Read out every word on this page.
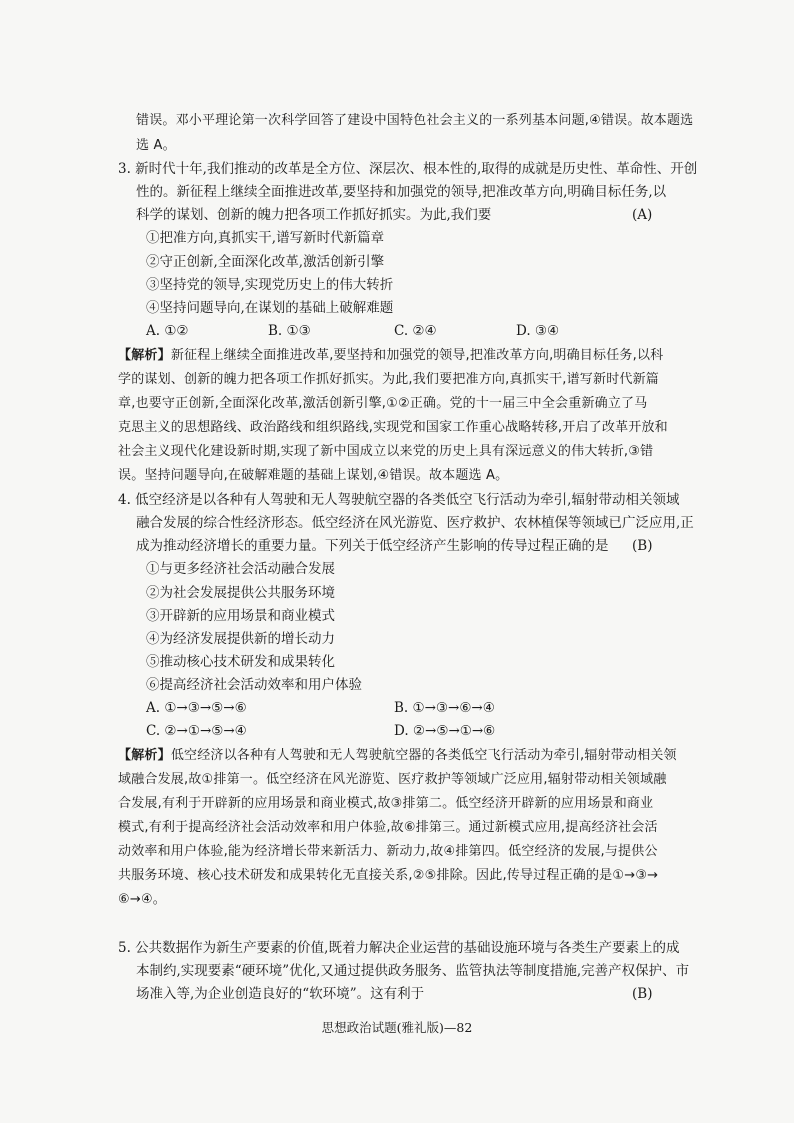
错误。邓小平理论第一次科学回答了建设中国特色社会主义的一系列基本问题,④错误。故本题选
选 A。
3. 新时代十年,我们推动的改革是全方位、深层次、根本性的,取得的成就是历史性、革命性、开创
性的。新征程上继续全面推进改革,要坚持和加强党的领导,把准改革方向,明确目标任务,以
科学的谋划、创新的魄力把各项工作抓好抓实。为此,我们要	(A)
①把准方向,真抓实干,谱写新时代新篇章
②守正创新,全面深化改革,激活创新引擎
③坚持党的领导,实现党历史上的伟大转折
④坚持问题导向,在谋划的基础上破解难题
A. ①②	B. ①③	C. ②④	D. ③④
【解析】新征程上继续全面推进改革,要坚持和加强党的领导,把准改革方向,明确目标任务,以科
学的谋划、创新的魄力把各项工作抓好抓实。为此,我们要把准方向,真抓实干,谱写新时代新篇
章,也要守正创新,全面深化改革,激活创新引擎,①②正确。党的十一届三中全会重新确立了马
克思主义的思想路线、政治路线和组织路线,实现党和国家工作重心战略转移,开启了改革开放和
社会主义现代化建设新时期,实现了新中国成立以来党的历史上具有深远意义的伟大转折,③错
误。坚持问题导向,在破解难题的基础上谋划,④错误。故本题选 A。
4. 低空经济是以各种有人驾驶和无人驾驶航空器的各类低空飞行活动为牵引,辐射带动相关领域
融合发展的综合性经济形态。低空经济在风光游览、医疗救护、农林植保等领域已广泛应用,正
成为推动经济增长的重要力量。下列关于低空经济产生影响的传导过程正确的是 (B)
①与更多经济社会活动融合发展
②为社会发展提供公共服务环境
③开辟新的应用场景和商业模式
④为经济发展提供新的增长动力
⑤推动核心技术研发和成果转化
⑥提高经济社会活动效率和用户体验
A. ①→③→⑤→⑥	B. ①→③→⑥→④
C. ②→①→⑤→④	D. ②→⑤→①→⑥
【解析】低空经济以各种有人驾驶和无人驾驶航空器的各类低空飞行活动为牵引,辐射带动相关领
域融合发展,故①排第一。低空经济在风光游览、医疗救护等领域广泛应用,辐射带动相关领域融
合发展,有利于开辟新的应用场景和商业模式,故③排第二。低空经济开辟新的应用场景和商业
模式,有利于提高经济社会活动效率和用户体验,故⑥排第三。通过新模式应用,提高经济社会活
动效率和用户体验,能为经济增长带来新活力、新动力,故④排第四。低空经济的发展,与提供公
共服务环境、核心技术研发和成果转化无直接关系,②⑤排除。因此,传导过程正确的是①→③→
⑥→④。
5. 公共数据作为新生产要素的价值,既着力解决企业运营的基础设施环境与各类生产要素上的成
本制约,实现要素“硬环境”优化,又通过提供政务服务、监管执法等制度措施,完善产权保护、市
场准入等,为企业创造良好的“软环境”。这有利于	(B)
思想政治试题(雅礼版)—82
